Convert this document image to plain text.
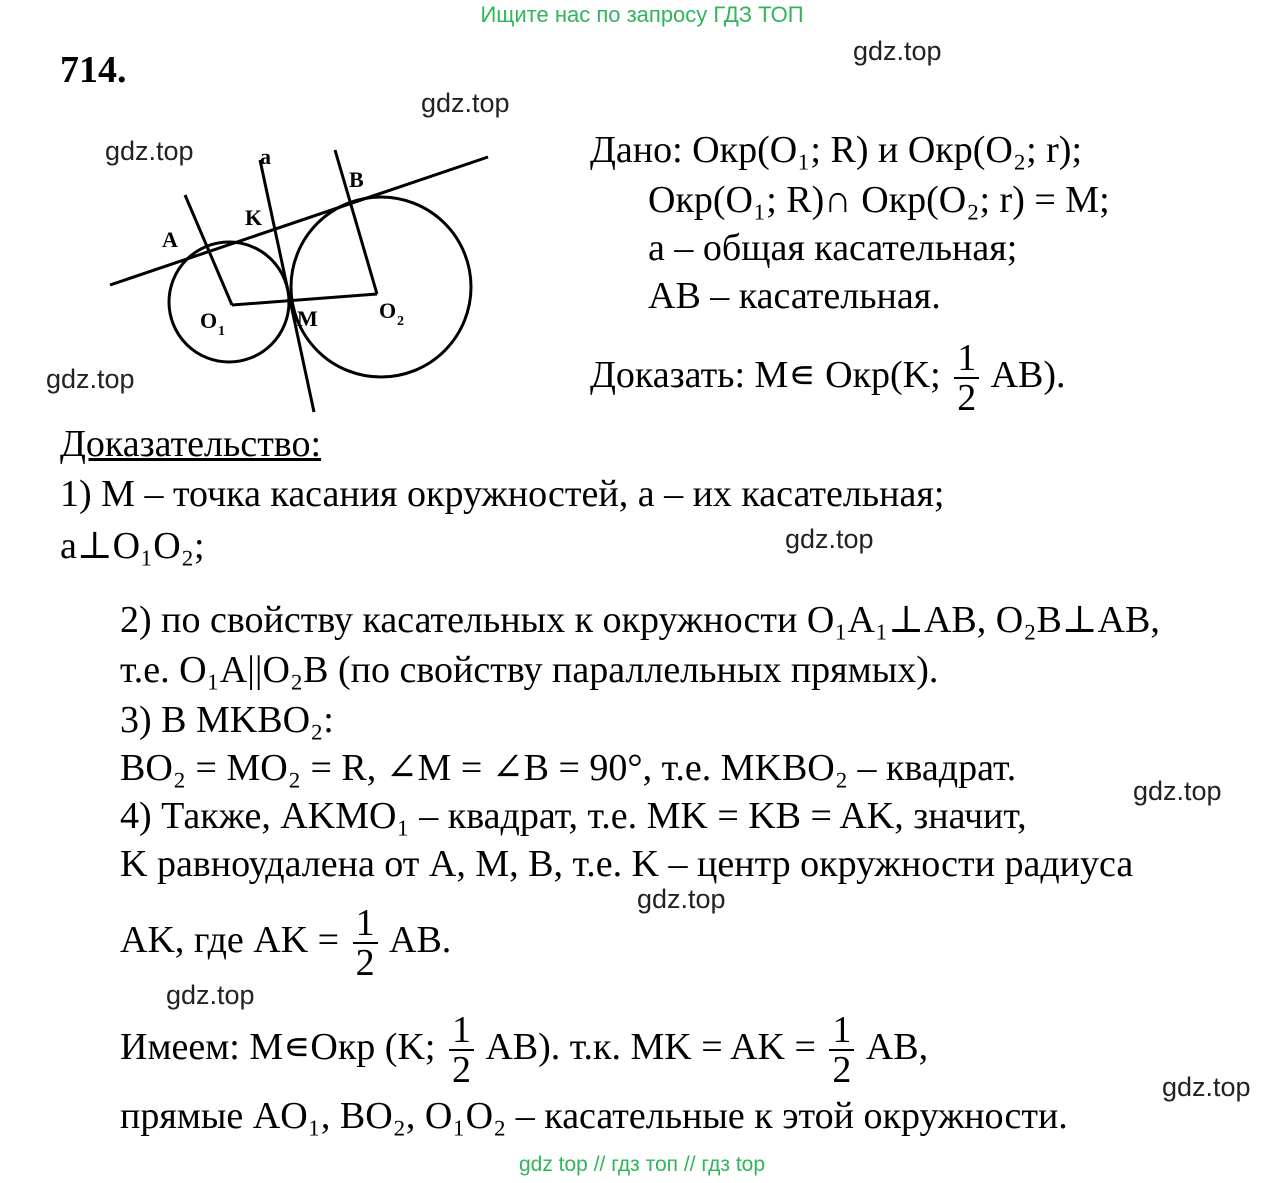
Ищите нас по запросу ГДЗ ТОП
714.	gdz.top
gdz.top
gdz.top
gdz.top
gdz.top
gdz.top
gdz.top
gdz.top
gdz.top
a
B
K
A
O 1
M	O 2
Дано: Окр(O₁; R) и Окр(O₂; r);
Окр(O₁; R)∩ Окр(O₂; r) = M;
a – общая касательная;
AB – касательная.
Доказать: M∊ Окр(K; $\frac{1}{2} AB$).
Доказательство:
1) M – точка касания окружностей, a – их касательная;
a⊥O₁O₂;
2) по свойству касательных к окружности O₁A₁⊥AB, O₂B⊥AB,
т.е. O₁A||O₂B (по свойству параллельных прямых).
3) В MKBO₂:
BO₂ = MO₂ = R, ∠M = ∠B = 90°, т.е. MKBO₂ – квадрат.
4) Также, AKMO₁ – квадрат, т.е. MK = KB = AK, значит,
K равноудалена от A, M, B, т.е. K – центр окружности радиуса
AK, где AK = $\frac{1}{2}$ AB.
Имеем: M∊Окр (K; $\frac{1}{2} AB$). т.к. MK = AK = $\frac{1}{2}$ AB,
прямые AO₁, BO₂, O₁O₂ – касательные к этой окружности.
gdz top // гдз топ // гдз top
